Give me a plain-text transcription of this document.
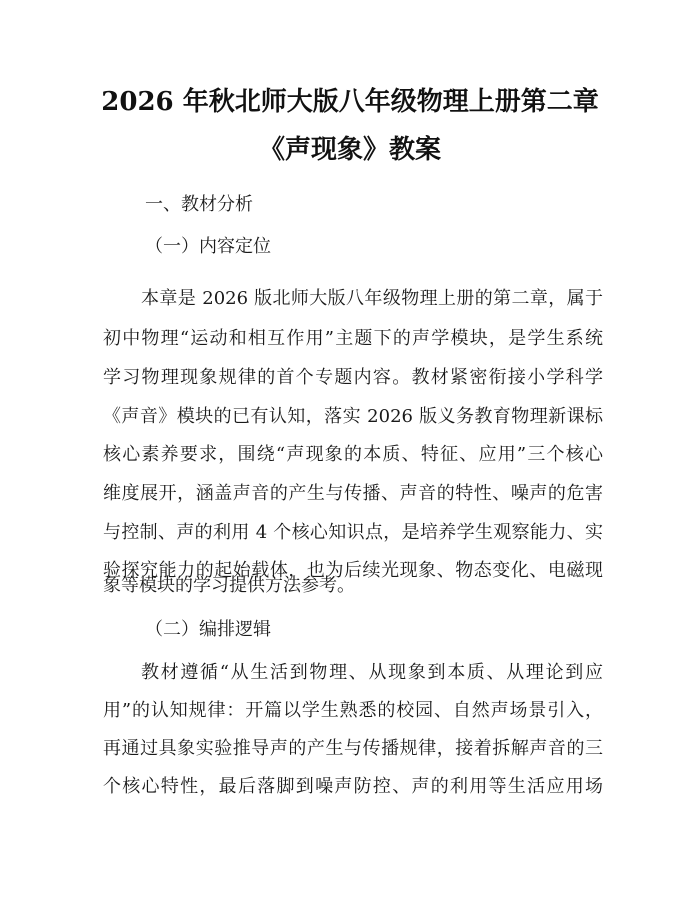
2026 年秋北师大版八年级物理上册第二章
《声现象》教案
一、教材分析
（一）内容定位
本章是 2026 版北师大版八年级物理上册的第二章，属于
初中物理“运动和相互作用”主题下的声学模块，是学生系统
学习物理现象规律的首个专题内容。教材紧密衔接小学科学
《声音》模块的已有认知，落实 2026 版义务教育物理新课标
核心素养要求，围绕“声现象的本质、特征、应用”三个核心
维度展开，涵盖声音的产生与传播、声音的特性、噪声的危害
与控制、声的利用 4 个核心知识点，是培养学生观察能力、实
验探究能力的起始载体，也为后续光现象、物态变化、电磁现
象等模块的学习提供方法参考。
（二）编排逻辑
教材遵循“从生活到物理、从现象到本质、从理论到应
用”的认知规律：开篇以学生熟悉的校园、自然声场景引入，
再通过具象实验推导声的产生与传播规律，接着拆解声音的三
个核心特性，最后落脚到噪声防控、声的利用等生活应用场
